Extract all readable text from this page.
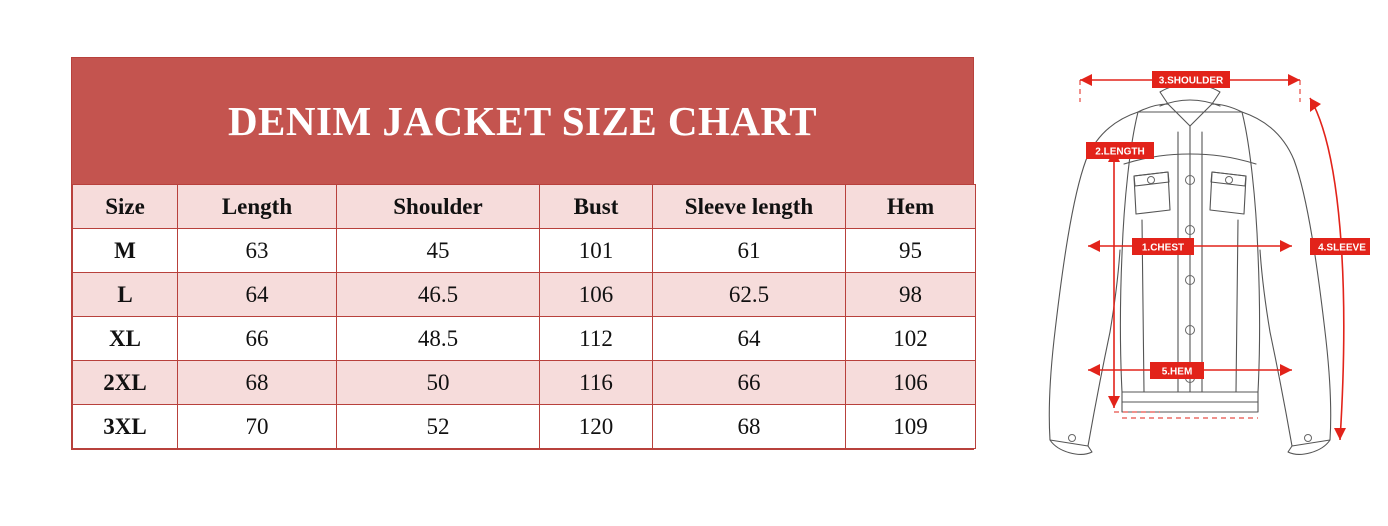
DENIM JACKET SIZE CHART
Size	Length	Shoulder	Bust	Sleeve length	Hem
M	63	45	101	61	95
L	64	46.5	106	62.5	98
XL	66	48.5	112	64	102
2XL	68	50	116	66	106
3XL	70	52	120	68	109
3.SHOULDER
2.LENGTH
1.CHEST	4.SLEEVE
5.HEM
